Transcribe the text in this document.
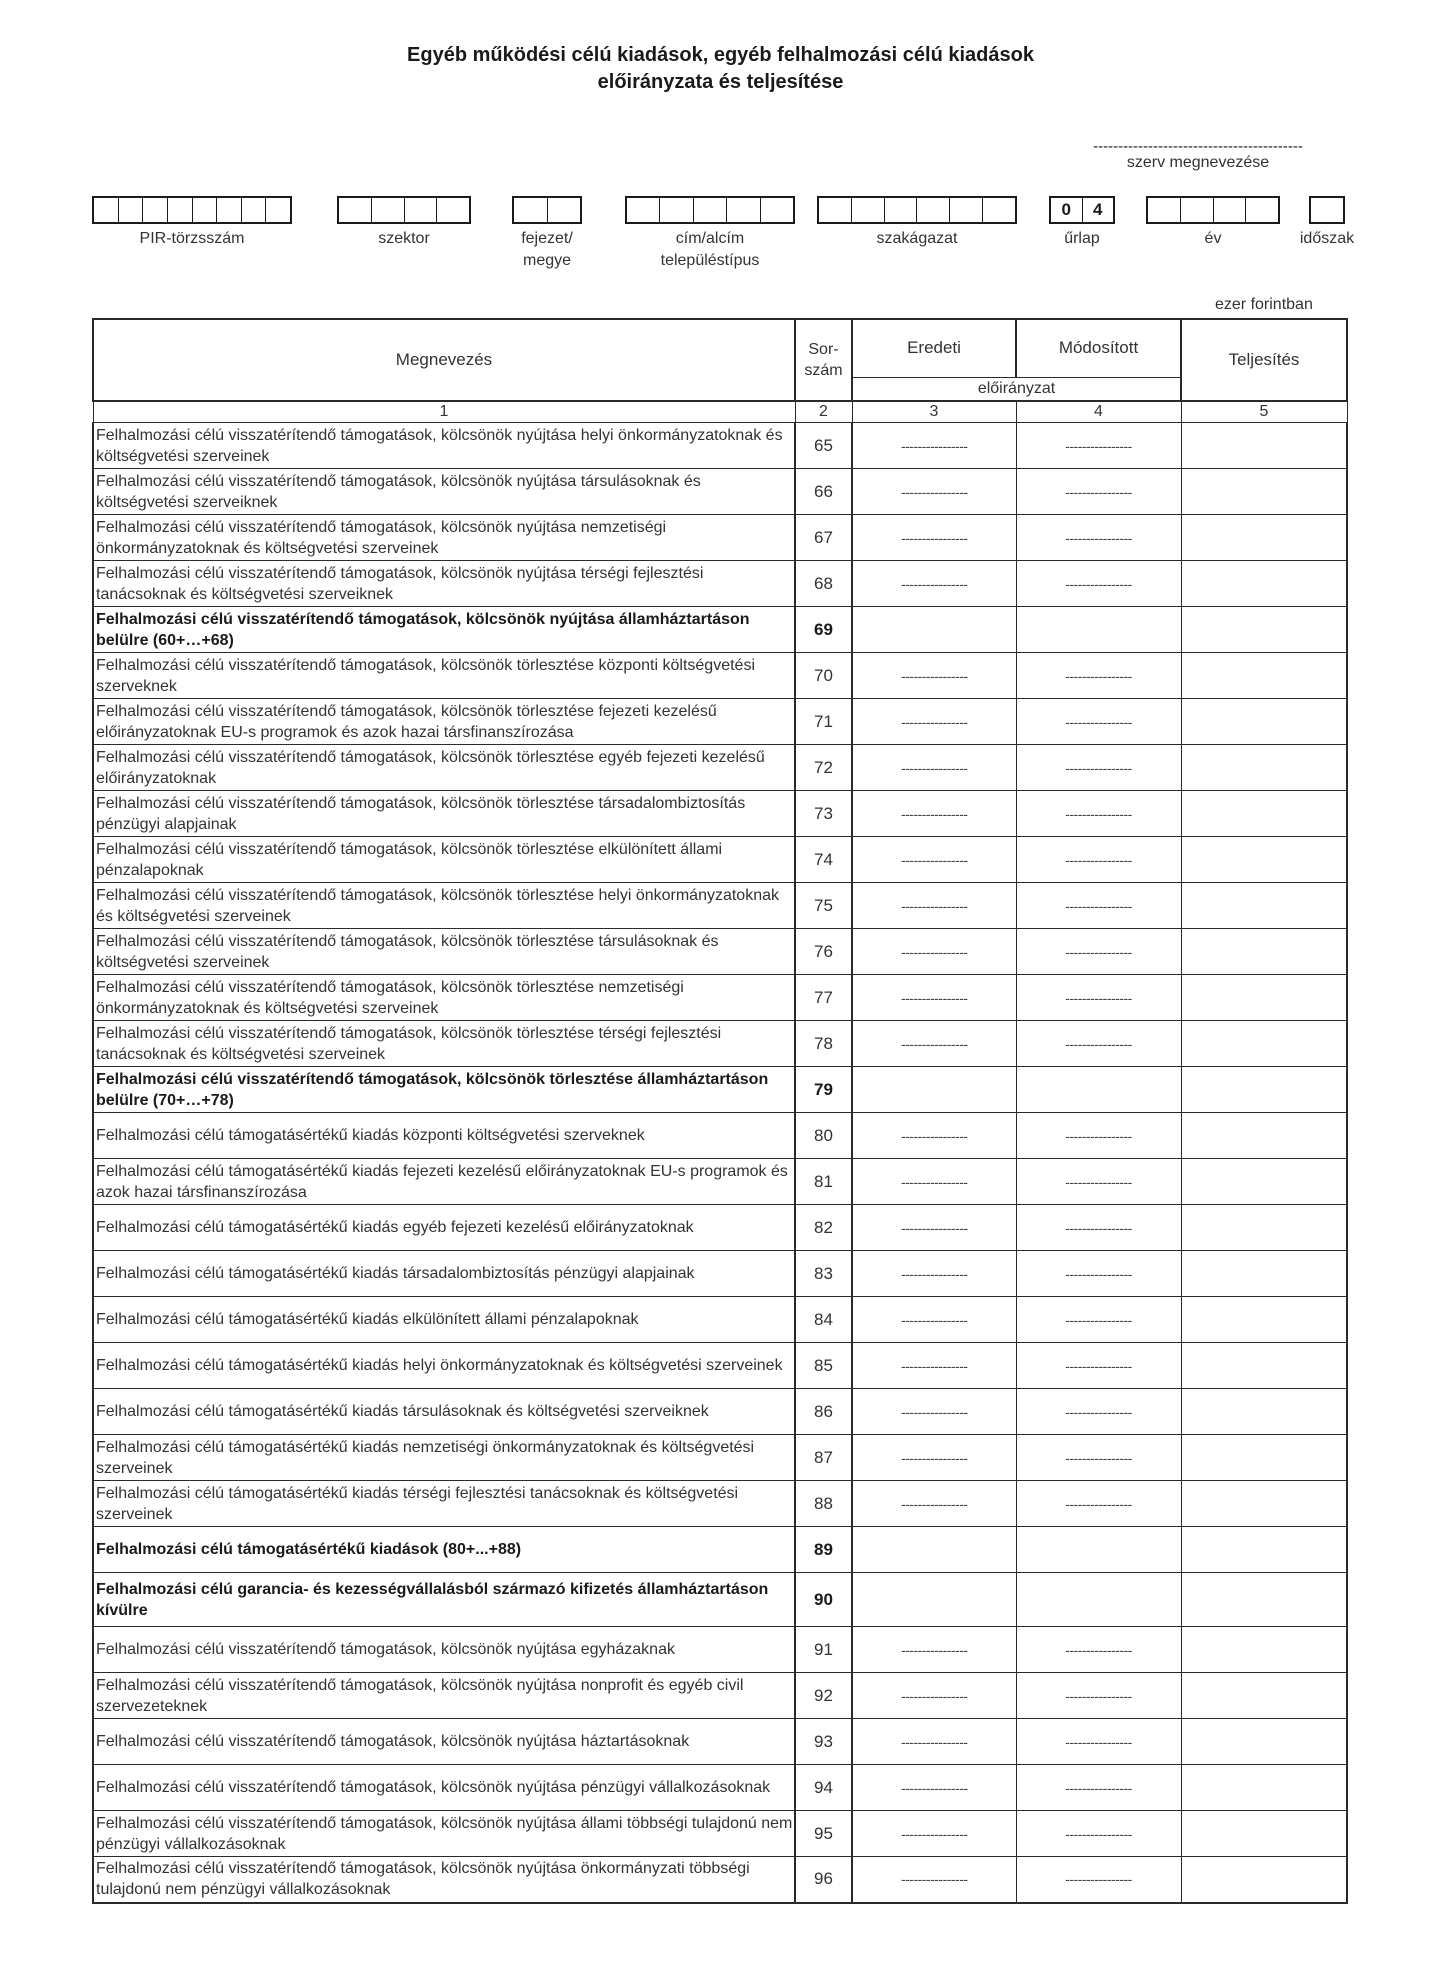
Egyéb működési célú kiadások, egyéb felhalmozási célú kiadások
előirányzata és teljesítése
------------------------------------------
szerv megnevezése
PIR-törzsszám	szektor	fejezet/
megye
cím/alcím
településtípus
szakágazat
0	4
űrlap	év	időszak
ezer forintban
Megnevezés	Sor-szám	Eredeti	Módosított	Teljesítés
		előirányzat		
1	2	3	4	5
Felhalmozási célú visszatérítendő támogatások, kölcsönök nyújtása helyi önkormányzatoknak és költségvetési szerveinek	65	----------------	----------------	
Felhalmozási célú visszatérítendő támogatások, kölcsönök nyújtása társulásoknak és költségvetési szerveiknek	66	----------------	----------------	
Felhalmozási célú visszatérítendő támogatások, kölcsönök nyújtása nemzetiségi önkormányzatoknak és költségvetési szerveinek	67	----------------	----------------	
Felhalmozási célú visszatérítendő támogatások, kölcsönök nyújtása térségi fejlesztési tanácsoknak és költségvetési szerveiknek	68	----------------	----------------	
Felhalmozási célú visszatérítendő támogatások, kölcsönök nyújtása államháztartáson belülre (60+…+68)	69			
Felhalmozási célú visszatérítendő támogatások, kölcsönök törlesztése központi költségvetési szerveknek	70	----------------	----------------	
Felhalmozási célú visszatérítendő támogatások, kölcsönök törlesztése fejezeti kezelésű előirányzatoknak EU-s programok és azok hazai társfinanszírozása	71	----------------	----------------	
Felhalmozási célú visszatérítendő támogatások, kölcsönök törlesztése egyéb fejezeti kezelésű előirányzatoknak	72	----------------	----------------	
Felhalmozási célú visszatérítendő támogatások, kölcsönök törlesztése társadalombiztosítás pénzügyi alapjainak	73	----------------	----------------	
Felhalmozási célú visszatérítendő támogatások, kölcsönök törlesztése elkülönített állami pénzalapoknak	74	----------------	----------------	
Felhalmozási célú visszatérítendő támogatások, kölcsönök törlesztése helyi önkormányzatoknak és költségvetési szerveinek	75	----------------	----------------	
Felhalmozási célú visszatérítendő támogatások, kölcsönök törlesztése társulásoknak és költségvetési szerveinek	76	----------------	----------------	
Felhalmozási célú visszatérítendő támogatások, kölcsönök törlesztése nemzetiségi önkormányzatoknak és költségvetési szerveinek	77	----------------	----------------	
Felhalmozási célú visszatérítendő támogatások, kölcsönök törlesztése térségi fejlesztési tanácsoknak és költségvetési szerveinek	78	----------------	----------------	
Felhalmozási célú visszatérítendő támogatások, kölcsönök törlesztése államháztartáson belülre (70+…+78)	79			
Felhalmozási célú támogatásértékű kiadás központi költségvetési szerveknek	80	----------------	----------------	
Felhalmozási célú támogatásértékű kiadás fejezeti kezelésű előirányzatoknak EU-s programok és azok hazai társfinanszírozása	81	----------------	----------------	
Felhalmozási célú támogatásértékű kiadás egyéb fejezeti kezelésű előirányzatoknak	82	----------------	----------------	
Felhalmozási célú támogatásértékű kiadás társadalombiztosítás pénzügyi alapjainak	83	----------------	----------------	
Felhalmozási célú támogatásértékű kiadás elkülönített állami pénzalapoknak	84	----------------	----------------	
Felhalmozási célú támogatásértékű kiadás helyi önkormányzatoknak és költségvetési szerveinek	85	----------------	----------------	
Felhalmozási célú támogatásértékű kiadás társulásoknak és költségvetési szerveiknek	86	----------------	----------------	
Felhalmozási célú támogatásértékű kiadás nemzetiségi önkormányzatoknak és költségvetési szerveinek	87	----------------	----------------	
Felhalmozási célú támogatásértékű kiadás térségi fejlesztési tanácsoknak és költségvetési szerveinek	88	----------------	----------------	
Felhalmozási célú támogatásértékű kiadások (80+...+88)	89			
Felhalmozási célú garancia- és kezességvállalásból származó kifizetés államháztartáson kívülre	90			
Felhalmozási célú visszatérítendő támogatások, kölcsönök nyújtása egyházaknak	91	----------------	----------------	
Felhalmozási célú visszatérítendő támogatások, kölcsönök nyújtása nonprofit és egyéb civil szervezeteknek	92	----------------	----------------	
Felhalmozási célú visszatérítendő támogatások, kölcsönök nyújtása háztartásoknak	93	----------------	----------------	
Felhalmozási célú visszatérítendő támogatások, kölcsönök nyújtása pénzügyi vállalkozásoknak	94	----------------	----------------	
Felhalmozási célú visszatérítendő támogatások, kölcsönök nyújtása állami többségi tulajdonú nem pénzügyi vállalkozásoknak	95	----------------	----------------	
Felhalmozási célú visszatérítendő támogatások, kölcsönök nyújtása önkormányzati többségi tulajdonú nem pénzügyi vállalkozásoknak	96	----------------	----------------	
